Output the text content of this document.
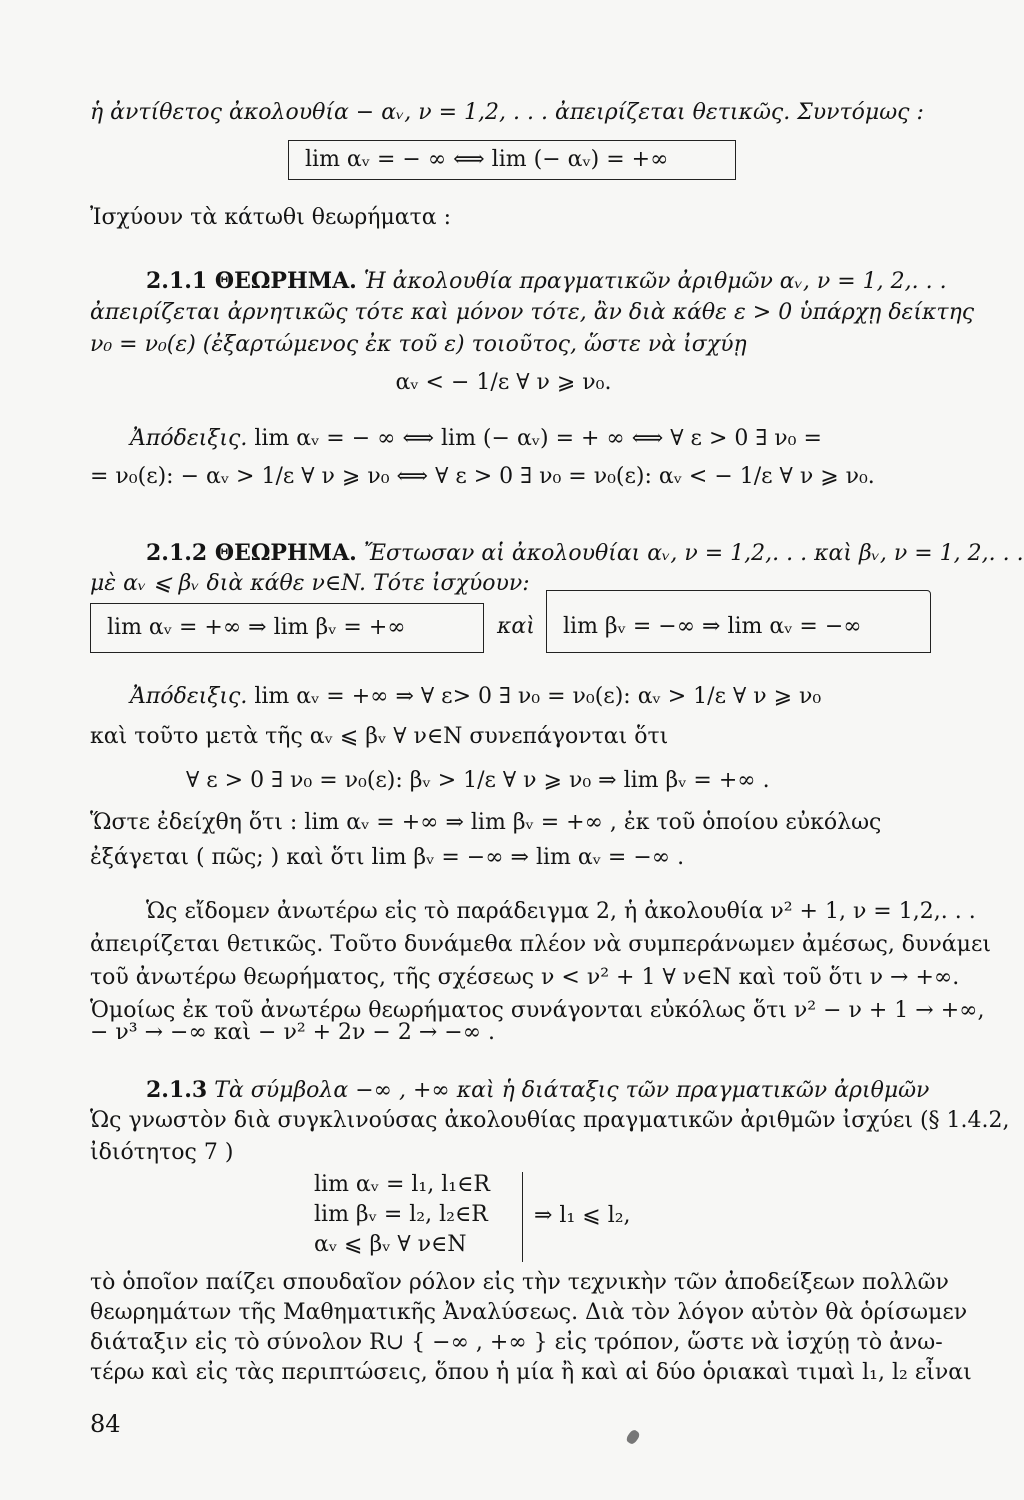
ἡ ἀντίθετος ἀκολουθία − αᵥ, ν = 1,2, . . . ἀπειρίζεται θετικῶς. Συντόμως :
lim αᵥ = − ∞ ⟺ lim (− αᵥ) = +∞
Ἰσχύουν τὰ κάτωθι θεωρήματα :
2.1.1 ΘΕΩΡΗΜΑ. Ἡ ἀκολουθία πραγματικῶν ἀριθμῶν αᵥ, ν = 1, 2,. . .
ἀπειρίζεται ἀρνητικῶς τότε καὶ μόνον τότε, ἂν διὰ κάθε ε > 0 ὑπάρχῃ δείκτης
ν₀ = ν₀(ε) (ἐξαρτώμενος ἐκ τοῦ ε) τοιοῦτος, ὥστε νὰ ἰσχύῃ
αᵥ < − 1/ε ∀ ν ⩾ ν₀.
Ἀπόδειξις. lim αᵥ = − ∞ ⟺ lim (− αᵥ) = + ∞ ⟺ ∀ ε > 0 ∃ ν₀ =
= ν₀(ε): − αᵥ > 1/ε ∀ ν ⩾ ν₀ ⟺ ∀ ε > 0 ∃ ν₀ = ν₀(ε): αᵥ < − 1/ε ∀ ν ⩾ ν₀.
2.1.2 ΘΕΩΡΗΜΑ. Ἔστωσαν αἱ ἀκολουθίαι αᵥ, ν = 1,2,. . . καὶ βᵥ, ν = 1, 2,. . .
μὲ αᵥ ⩽ βᵥ διὰ κάθε ν∈N. Τότε ἰσχύουν:
lim αᵥ = +∞ ⇒ lim βᵥ = +∞	καὶ	lim βᵥ = −∞ ⇒ lim αᵥ = −∞
Ἀπόδειξις. lim αᵥ = +∞ ⇒ ∀ ε> 0 ∃ ν₀ = ν₀(ε): αᵥ > 1/ε ∀ ν ⩾ ν₀
καὶ τοῦτο μετὰ τῆς αᵥ ⩽ βᵥ ∀ ν∈N συνεπάγονται ὅτι
∀ ε > 0 ∃ ν₀ = ν₀(ε): βᵥ > 1/ε ∀ ν ⩾ ν₀ ⇒ lim βᵥ = +∞ .
Ὥστε ἐδείχθη ὅτι : lim αᵥ = +∞ ⇒ lim βᵥ = +∞ , ἐκ τοῦ ὁποίου εὐκόλως
ἐξάγεται ( πῶς; ) καὶ ὅτι lim βᵥ = −∞ ⇒ lim αᵥ = −∞ .
Ὡς εἴδομεν ἀνωτέρω εἰς τὸ παράδειγμα 2, ἡ ἀκολουθία ν² + 1, ν = 1,2,. . .
ἀπειρίζεται θετικῶς. Τοῦτο δυνάμεθα πλέον νὰ συμπεράνωμεν ἀμέσως, δυνάμει
τοῦ ἀνωτέρω θεωρήματος, τῆς σχέσεως ν < ν² + 1 ∀ ν∈N καὶ τοῦ ὅτι ν → +∞.
Ὁμοίως ἐκ τοῦ ἀνωτέρω θεωρήματος συνάγονται εὐκόλως ὅτι ν² − ν + 1 → +∞,
− ν³ → −∞ καὶ − ν² + 2ν − 2 → −∞ .
2.1.3 Τὰ σύμβολα −∞ , +∞ καὶ ἡ διάταξις τῶν πραγματικῶν ἀριθμῶν
Ὡς γνωστὸν διὰ συγκλινούσας ἀκολουθίας πραγματικῶν ἀριθμῶν ἰσχύει (§ 1.4.2,
ἰδιότητος 7 )
lim αᵥ = l₁, l₁∈R
lim βᵥ = l₂, l₂∈R
αᵥ ⩽ βᵥ ∀ ν∈N
⇒ l₁ ⩽ l₂,
τὸ ὁποῖον παίζει σπουδαῖον ρόλον εἰς τὴν τεχνικὴν τῶν ἀποδείξεων πολλῶν
θεωρημάτων τῆς Μαθηματικῆς Ἀναλύσεως. Διὰ τὸν λόγον αὐτὸν θὰ ὁρίσωμεν
διάταξιν εἰς τὸ σύνολον R∪ { −∞ , +∞ } εἰς τρόπον, ὥστε νὰ ἰσχύῃ τὸ ἀνω-
τέρω καὶ εἰς τὰς περιπτώσεις, ὅπου ἡ μία ἢ καὶ αἱ δύο ὁριακαὶ τιμαὶ l₁, l₂ εἶναι
84
